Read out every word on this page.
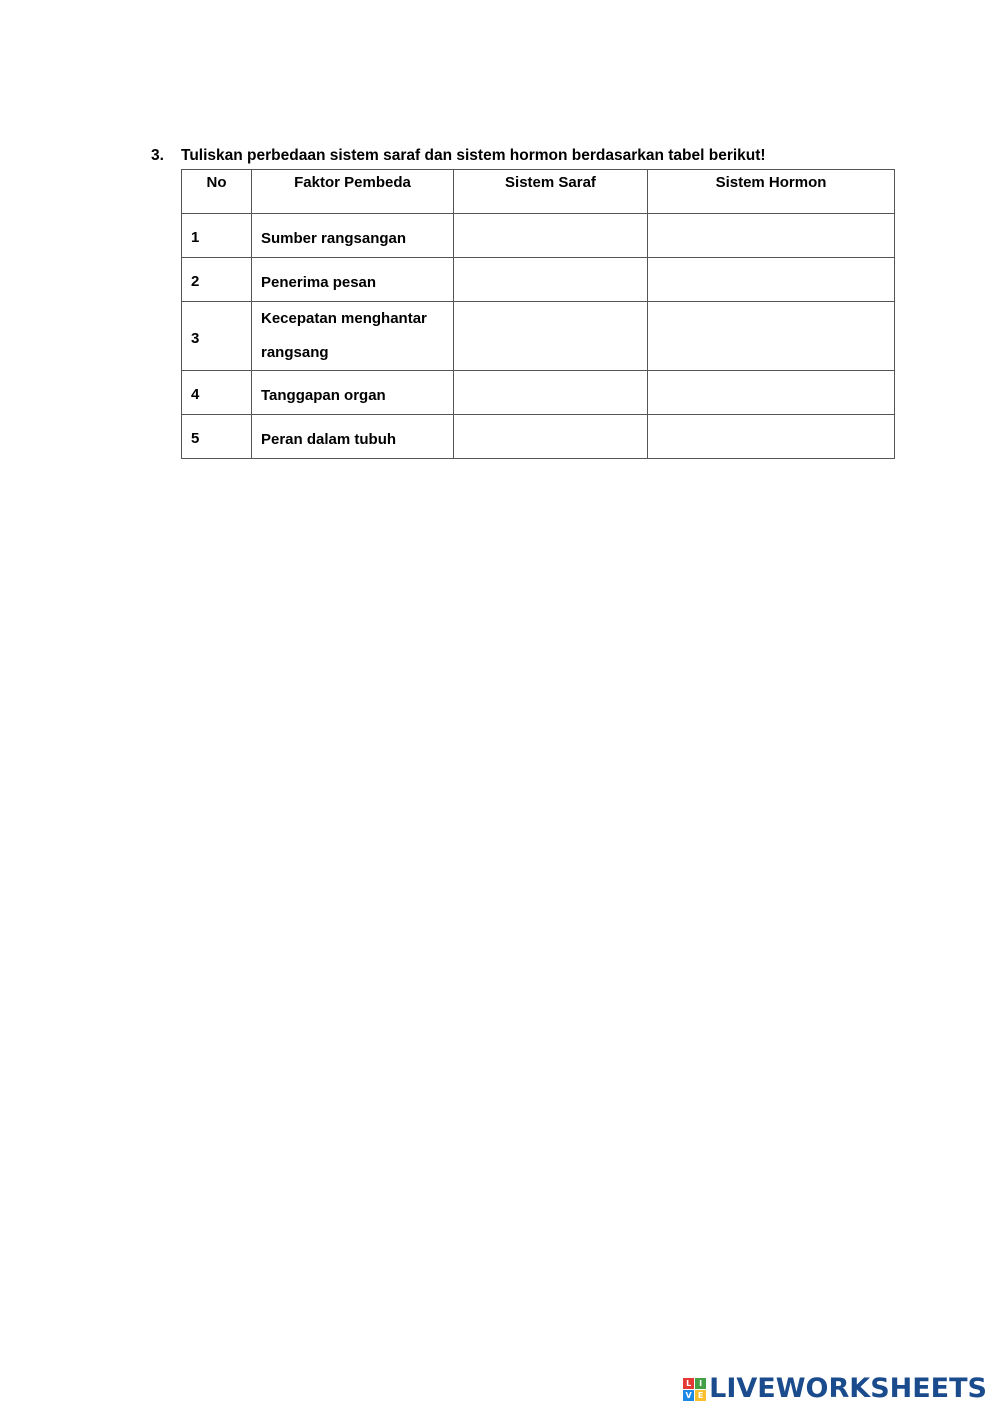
3. Tuliskan perbedaan sistem saraf dan sistem hormon berdasarkan tabel berikut!
No	Faktor Pembeda	Sistem Saraf	Sistem Hormon
1	Sumber rangsangan		
2	Penerima pesan		
3	Kecepatan menghantar rangsang		
4	Tanggapan organ		
5	Peran dalam tubuh		
L I
V E LIVEWORKSHEETS
